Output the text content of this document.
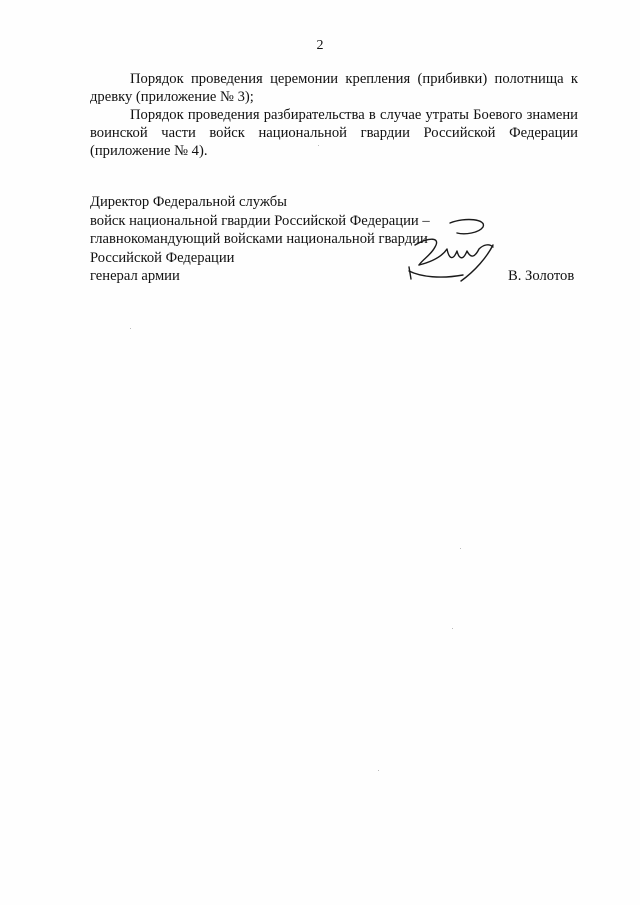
2

Порядок проведения церемонии крепления (прибивки) полотнища к древку (приложение № 3);

Порядок проведения разбирательства в случае утраты Боевого знамени воинской части войск национальной гвардии Российской Федерации (приложение № 4).

Директор Федеральной службы
войск национальной гвардии Российской Федерации –
главнокомандующий войсками национальной гвардии
Российской Федерации
генерал армии	В. Золотов
